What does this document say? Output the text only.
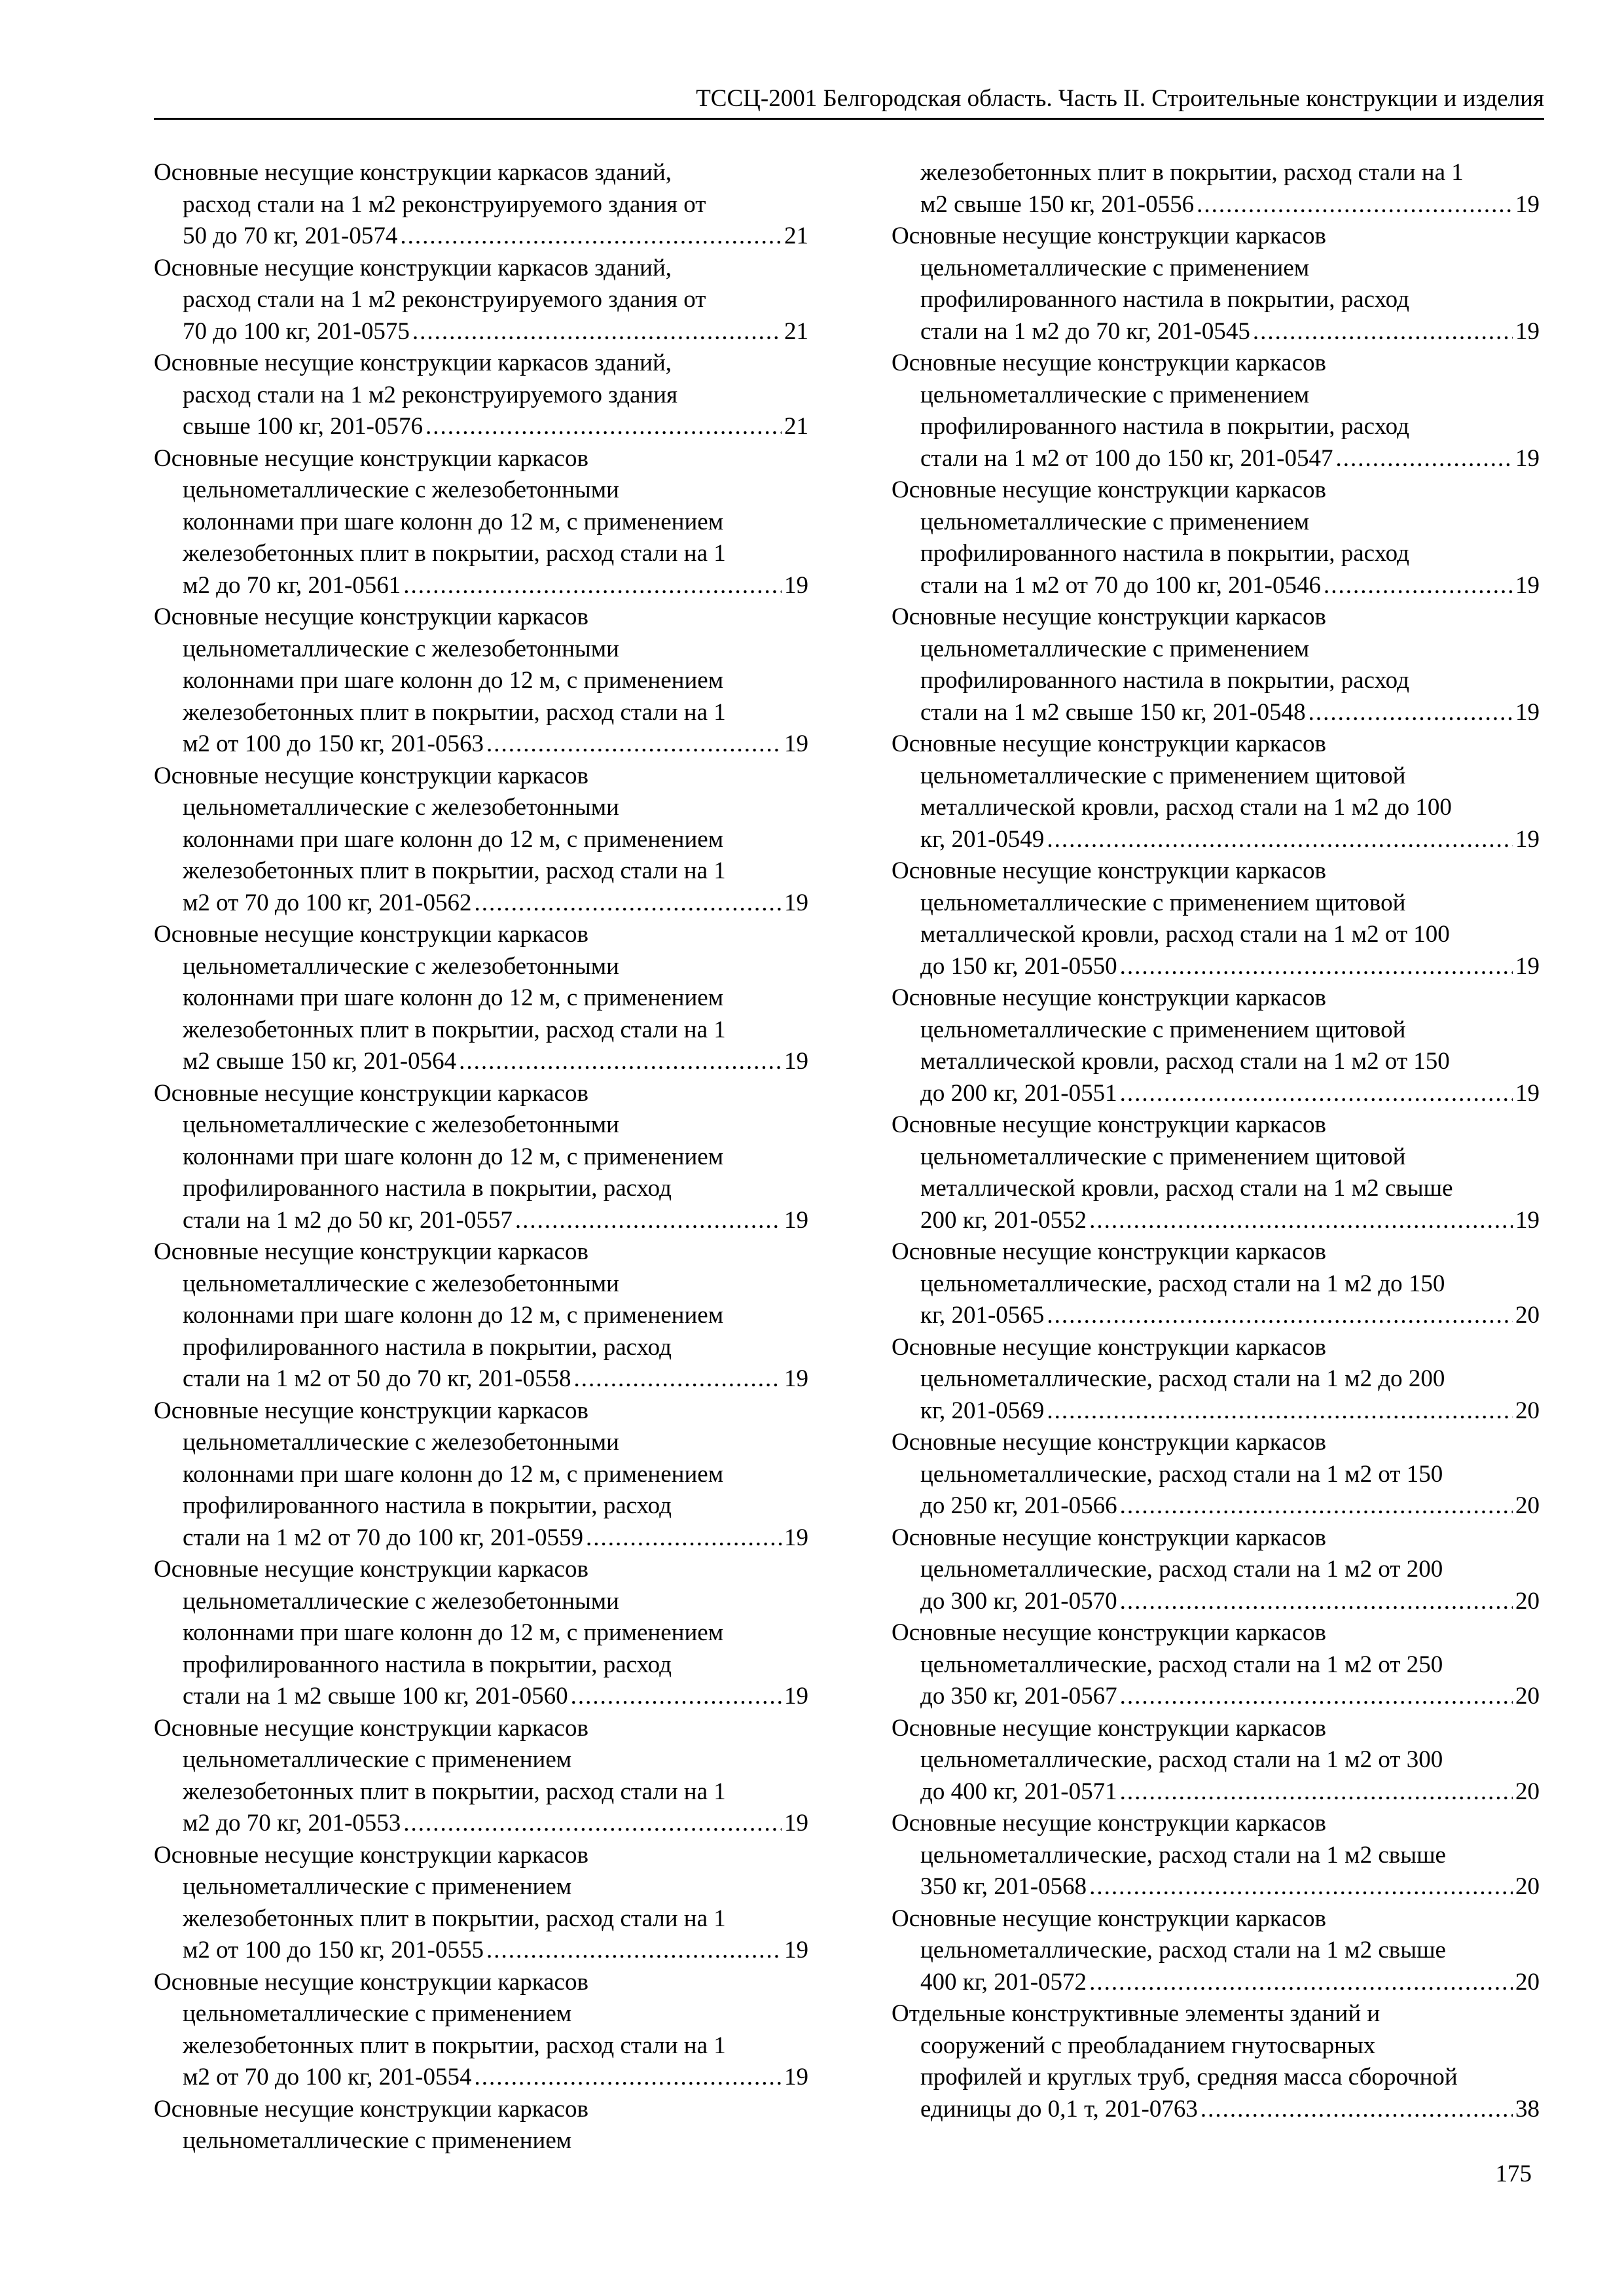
ТССЦ-2001 Белгородская область. Часть II. Строительные конструкции и изделия
Основные несущие конструкции каркасов зданий,
расход стали на 1 м2 реконструируемого здания от
50 до 70 кг, 201-0574 .....	21
Основные несущие конструкции каркасов зданий,
расход стали на 1 м2 реконструируемого здания от
70 до 100 кг, 201-0575 .....	21
Основные несущие конструкции каркасов зданий,
расход стали на 1 м2 реконструируемого здания
свыше 100 кг, 201-0576 .....	21
Основные несущие конструкции каркасов
цельнометаллические с железобетонными
колоннами при шаге колонн до 12 м, с применением
железобетонных плит в покрытии, расход стали на 1
м2 до 70 кг, 201-0561 .....	19
Основные несущие конструкции каркасов
цельнометаллические с железобетонными
колоннами при шаге колонн до 12 м, с применением
железобетонных плит в покрытии, расход стали на 1
м2 от 100 до 150 кг, 201-0563 .....	19
Основные несущие конструкции каркасов
цельнометаллические с железобетонными
колоннами при шаге колонн до 12 м, с применением
железобетонных плит в покрытии, расход стали на 1
м2 от 70 до 100 кг, 201-0562 .....	19
Основные несущие конструкции каркасов
цельнометаллические с железобетонными
колоннами при шаге колонн до 12 м, с применением
железобетонных плит в покрытии, расход стали на 1
м2 свыше 150 кг, 201-0564 .....	19
Основные несущие конструкции каркасов
цельнометаллические с железобетонными
колоннами при шаге колонн до 12 м, с применением
профилированного настила в покрытии, расход
стали на 1 м2 до 50 кг, 201-0557 .....	19
Основные несущие конструкции каркасов
цельнометаллические с железобетонными
колоннами при шаге колонн до 12 м, с применением
профилированного настила в покрытии, расход
стали на 1 м2 от 50 до 70 кг, 201-0558 .....	19
Основные несущие конструкции каркасов
цельнометаллические с железобетонными
колоннами при шаге колонн до 12 м, с применением
профилированного настила в покрытии, расход
стали на 1 м2 от 70 до 100 кг, 201-0559 .....	19
Основные несущие конструкции каркасов
цельнометаллические с железобетонными
колоннами при шаге колонн до 12 м, с применением
профилированного настила в покрытии, расход
стали на 1 м2 свыше 100 кг, 201-0560 .....	19
Основные несущие конструкции каркасов
цельнометаллические с применением
железобетонных плит в покрытии, расход стали на 1
м2 до 70 кг, 201-0553 .....	19
Основные несущие конструкции каркасов
цельнометаллические с применением
железобетонных плит в покрытии, расход стали на 1
м2 от 100 до 150 кг, 201-0555 .....	19
Основные несущие конструкции каркасов
цельнометаллические с применением
железобетонных плит в покрытии, расход стали на 1
м2 от 70 до 100 кг, 201-0554 .....	19
Основные несущие конструкции каркасов
цельнометаллические с применением
железобетонных плит в покрытии, расход стали на 1
м2 свыше 150 кг, 201-0556 .....	19
Основные несущие конструкции каркасов
цельнометаллические с применением
профилированного настила в покрытии, расход
стали на 1 м2 до 70 кг, 201-0545 .....	19
Основные несущие конструкции каркасов
цельнометаллические с применением
профилированного настила в покрытии, расход
стали на 1 м2 от 100 до 150 кг, 201-0547 .....	19
Основные несущие конструкции каркасов
цельнометаллические с применением
профилированного настила в покрытии, расход
стали на 1 м2 от 70 до 100 кг, 201-0546 .....	19
Основные несущие конструкции каркасов
цельнометаллические с применением
профилированного настила в покрытии, расход
стали на 1 м2 свыше 150 кг, 201-0548 .....	19
Основные несущие конструкции каркасов
цельнометаллические с применением щитовой
металлической кровли, расход стали на 1 м2 до 100
кг, 201-0549 .....	19
Основные несущие конструкции каркасов
цельнометаллические с применением щитовой
металлической кровли, расход стали на 1 м2 от 100
до 150 кг, 201-0550 .....	19
Основные несущие конструкции каркасов
цельнометаллические с применением щитовой
металлической кровли, расход стали на 1 м2 от 150
до 200 кг, 201-0551 .....	19
Основные несущие конструкции каркасов
цельнометаллические с применением щитовой
металлической кровли, расход стали на 1 м2 свыше
200 кг, 201-0552 .....	19
Основные несущие конструкции каркасов
цельнометаллические, расход стали на 1 м2 до 150
кг, 201-0565 .....	20
Основные несущие конструкции каркасов
цельнометаллические, расход стали на 1 м2 до 200
кг, 201-0569 .....	20
Основные несущие конструкции каркасов
цельнометаллические, расход стали на 1 м2 от 150
до 250 кг, 201-0566 .....	20
Основные несущие конструкции каркасов
цельнометаллические, расход стали на 1 м2 от 200
до 300 кг, 201-0570 .....	20
Основные несущие конструкции каркасов
цельнометаллические, расход стали на 1 м2 от 250
до 350 кг, 201-0567 .....	20
Основные несущие конструкции каркасов
цельнометаллические, расход стали на 1 м2 от 300
до 400 кг, 201-0571 .....	20
Основные несущие конструкции каркасов
цельнометаллические, расход стали на 1 м2 свыше
350 кг, 201-0568 .....	20
Основные несущие конструкции каркасов
цельнометаллические, расход стали на 1 м2 свыше
400 кг, 201-0572 .....	20
Отдельные конструктивные элементы зданий и
сооружений с преобладанием гнутосварных
профилей и круглых труб, средняя масса сборочной
единицы до 0,1 т, 201-0763 .....	38
175
